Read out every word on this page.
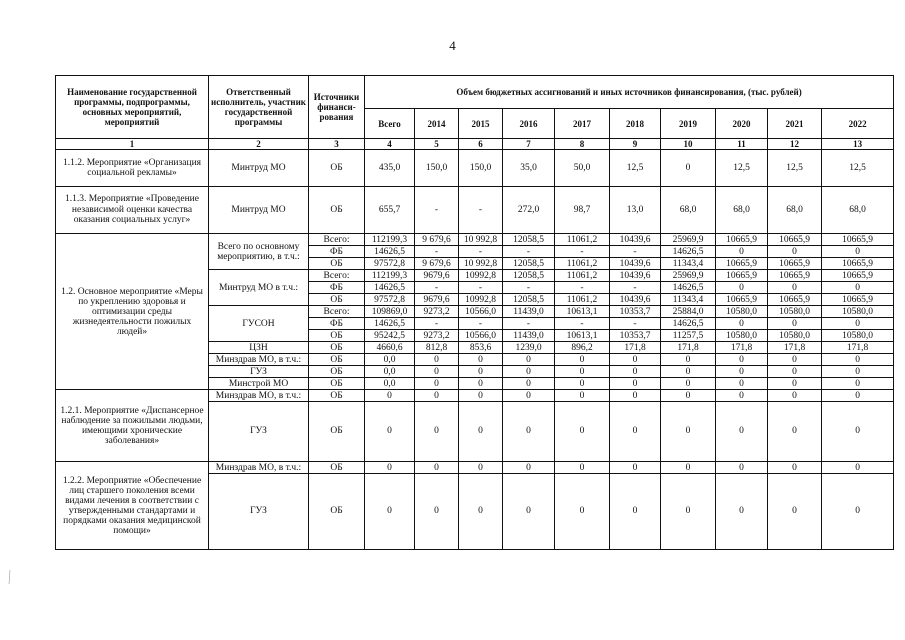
4
Наименование государственной программы, подпрограммы, основных мероприятий, мероприятий	Ответственный исполнитель, участник государственной программы	Источники финанси-рования	Объем бюджетных ассигнований и иных источников финансирования, (тыс. рублей)									
			Всего	2014	2015	2016	2017	2018	2019	2020	2021	2022
1	2	3	4	5	6	7	8	9	10	11	12	13
1.1.2. Мероприятие «Организация социальной рекламы»	Минтруд МО	ОБ	435,0	150,0	150,0	35,0	50,0	12,5	0	12,5	12,5	12,5
1.1.3. Мероприятие «Проведение независимой оценки качества оказания социальных услуг»	Минтруд МО	ОБ	655,7	-	-	272,0	98,7	13,0	68,0	68,0	68,0	68,0
1.2. Основное мероприятие «Меры по укреплению здоровья и оптимизации среды жизнедеятельности пожилых людей»	Всего по основному мероприятию, в т.ч.:	Всего:	112199,3	9 679,6	10 992,8	12058,5	11061,2	10439,6	25969,9	10665,9	10665,9	10665,9
		ФБ	14626,5	-	-	-	-	-	14626,5	0	0	0
		ОБ	97572,8	9 679,6	10 992,8	12058,5	11061,2	10439,6	11343,4	10665,9	10665,9	10665,9
	Минтруд МО в т.ч.:	Всего:	112199,3	9679,6	10992,8	12058,5	11061,2	10439,6	25969,9	10665,9	10665,9	10665,9
		ФБ	14626,5	-	-	-	-	-	14626,5	0	0	0
		ОБ	97572,8	9679,6	10992,8	12058,5	11061,2	10439,6	11343,4	10665,9	10665,9	10665,9
	ГУСОН	Всего:	109869,0	9273,2	10566,0	11439,0	10613,1	10353,7	25884,0	10580,0	10580,0	10580,0
		ФБ	14626,5	-	-	-	-	-	14626,5	0	0	0
		ОБ	95242,5	9273,2	10566,0	11439,0	10613,1	10353,7	11257,5	10580,0	10580,0	10580,0
	ЦЗН	ОБ	4660,6	812,8	853,6	1239,0	896,2	171,8	171,8	171,8	171,8	171,8
	Минздрав МО, в т.ч.:	ОБ	0,0	0	0	0	0	0	0	0	0	0
	ГУЗ	ОБ	0,0	0	0	0	0	0	0	0	0	0
	Минстрой МО	ОБ	0,0	0	0	0	0	0	0	0	0	0
1.2.1. Мероприятие «Диспансерное наблюдение за пожилыми людьми, имеющими хронические заболевания»	Минздрав МО, в т.ч.:	ОБ	0	0	0	0	0	0	0	0	0	0
	ГУЗ	ОБ	0	0	0	0	0	0	0	0	0	0
1.2.2. Мероприятие «Обеспечение лиц старшего поколения всеми видами лечения в соответствии с утвержденными стандартами и порядками оказания медицинской помощи»	Минздрав МО, в т.ч.:	ОБ	0	0	0	0	0	0	0	0	0	0
	ГУЗ	ОБ	0	0	0	0	0	0	0	0	0	0
